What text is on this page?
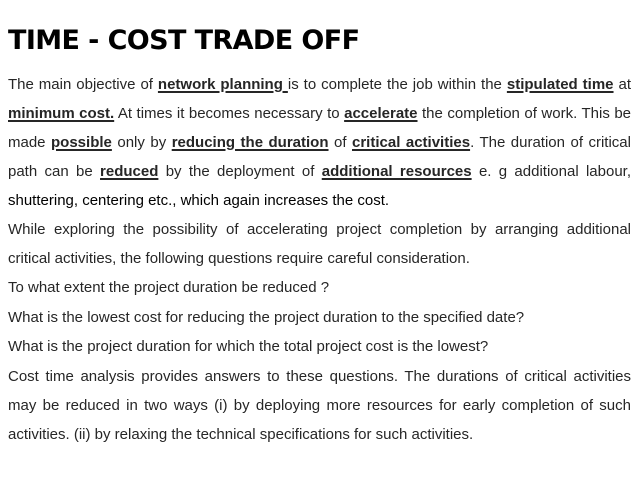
TIME - COST TRADE OFF

The main objective of network planning is to complete the job within the stipulated time at minimum cost. At times it becomes necessary to accelerate the completion of work. This be made possible only by reducing the duration of critical activities. The duration of critical path can be reduced by the deployment of additional resources e. g additional labour, shuttering, centering etc., which again increases the cost.

While exploring the possibility of accelerating project completion by arranging additional critical activities, the following questions require careful consideration.

To what extent the project duration be reduced ?

What is the lowest cost for reducing the project duration to the specified date?

What is the project duration for which the total project cost is the lowest?

Cost time analysis provides answers to these questions. The durations of critical activities may be reduced in two ways (i) by deploying more resources for early completion of such activities. (ii) by relaxing the technical specifications for such activities.
